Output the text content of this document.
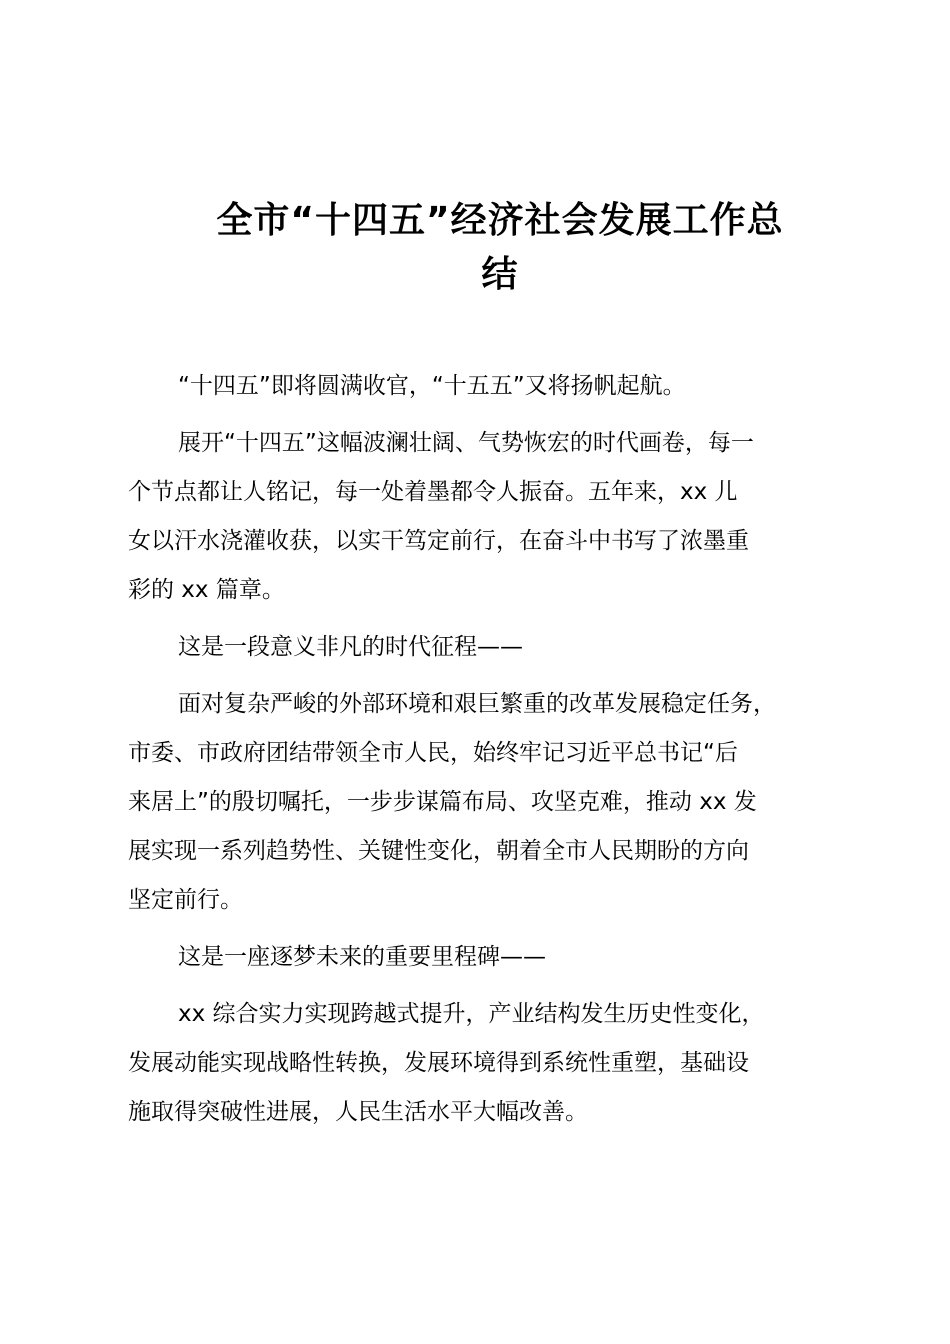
全市“十四五”经济社会发展工作总
结

“十四五”即将圆满收官，“十五五”又将扬帆起航。

展开“十四五”这幅波澜壮阔、气势恢宏的时代画卷，每一
个节点都让人铭记，每一处着墨都令人振奋。五年来，xx 儿
女以汗水浇灌收获，以实干笃定前行，在奋斗中书写了浓墨重
彩的 xx 篇章。

这是一段意义非凡的时代征程——

面对复杂严峻的外部环境和艰巨繁重的改革发展稳定任务，
市委、市政府团结带领全市人民，始终牢记习近平总书记“后
来居上”的殷切嘱托，一步步谋篇布局、攻坚克难，推动 xx 发
展实现一系列趋势性、关键性变化，朝着全市人民期盼的方向
坚定前行。

这是一座逐梦未来的重要里程碑——

xx 综合实力实现跨越式提升，产业结构发生历史性变化，
发展动能实现战略性转换，发展环境得到系统性重塑，基础设
施取得突破性进展，人民生活水平大幅改善。
